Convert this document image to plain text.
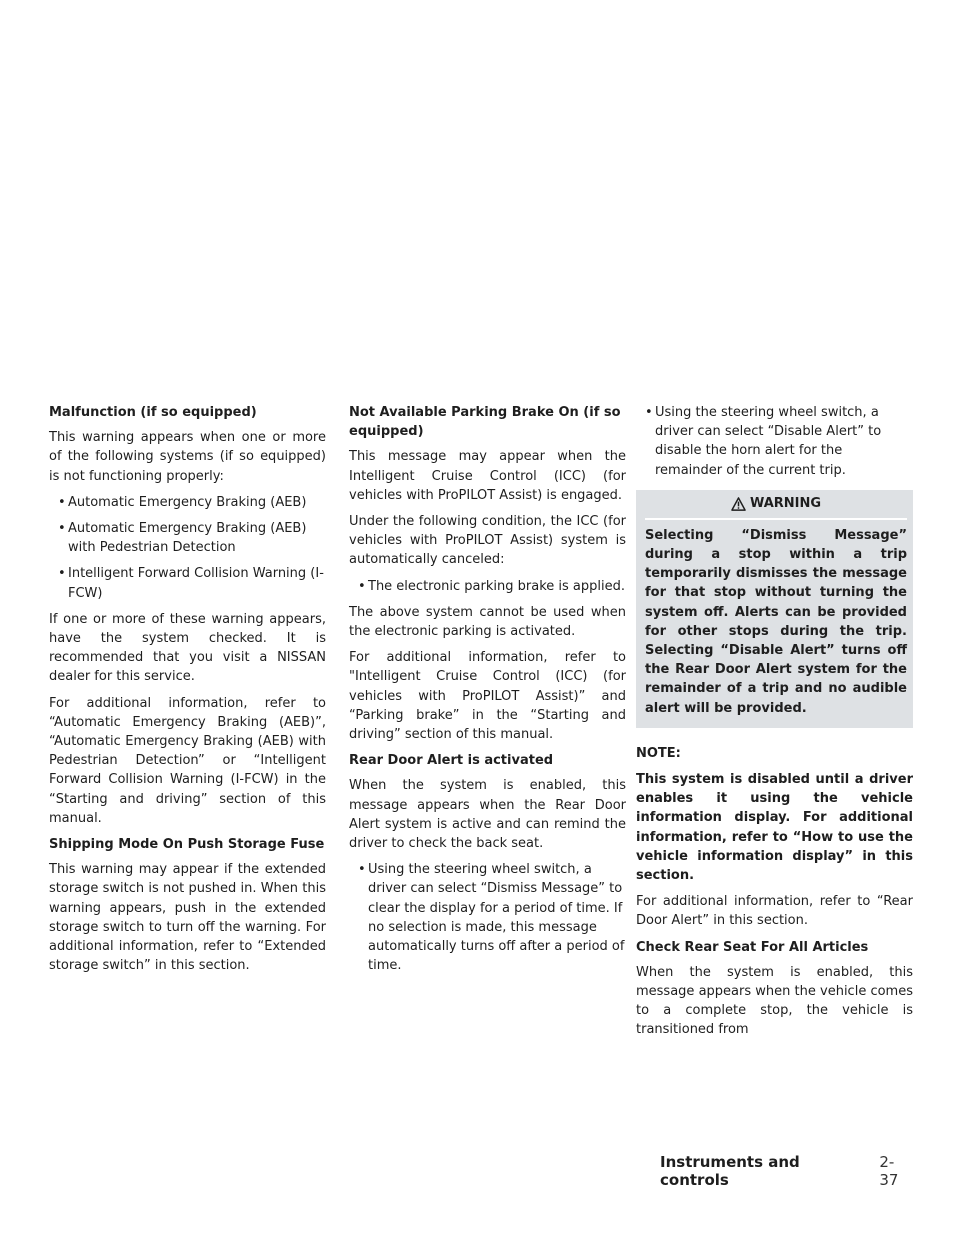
Malfunction (if so equipped)

This warning appears when one or more of the following systems (if so equipped) is not functioning properly:

• Automatic Emergency Braking (AEB)
• Automatic Emergency Braking (AEB) with Pedestrian Detection
• Intelligent Forward Collision Warning (I-FCW)

If one or more of these warning appears, have the system checked. It is recommended that you visit a NISSAN dealer for this service.

For additional information, refer to “Automatic Emergency Braking (AEB)”, “Automatic Emergency Braking (AEB) with Pedestrian Detection” or “Intelligent Forward Collision Warning (I-FCW) in the “Starting and driving” section of this manual.

Shipping Mode On Push Storage Fuse

This warning may appear if the extended storage switch is not pushed in. When this warning appears, push in the extended storage switch to turn off the warning. For additional information, refer to “Extended storage switch” in this section.

Not Available Parking Brake On (if so equipped)

This message may appear when the Intelligent Cruise Control (ICC) (for vehicles with ProPILOT Assist) is engaged.

Under the following condition, the ICC (for vehicles with ProPILOT Assist) system is automatically canceled:

• The electronic parking brake is applied.

The above system cannot be used when the electronic parking is activated.

For additional information, refer to "Intelligent Cruise Control (ICC) (for vehicles with ProPILOT Assist)” and “Parking brake” in the “Starting and driving” section of this manual.

Rear Door Alert is activated

When the system is enabled, this message appears when the Rear Door Alert system is active and can remind the driver to check the back seat.

• Using the steering wheel switch, a driver can select “Dismiss Message” to clear the display for a period of time. If no selection is made, this message automatically turns off after a period of time.
• Using the steering wheel switch, a driver can select “Disable Alert” to disable the horn alert for the remainder of the current trip.
WARNING
Selecting “Dismiss Message” during a stop within a trip temporarily dismisses the message for that stop without turning the system off. Alerts can be provided for other stops during the trip. Selecting “Disable Alert” turns off the Rear Door Alert system for the remainder of a trip and no audible alert will be provided.

NOTE:

This system is disabled until a driver enables it using the vehicle information display. For additional information, refer to “How to use the vehicle information display” in this section.

For additional information, refer to “Rear Door Alert” in this section.

Check Rear Seat For All Articles

When the system is enabled, this message appears when the vehicle comes to a complete stop, the vehicle is transitioned from

Instruments and controls
2-37
